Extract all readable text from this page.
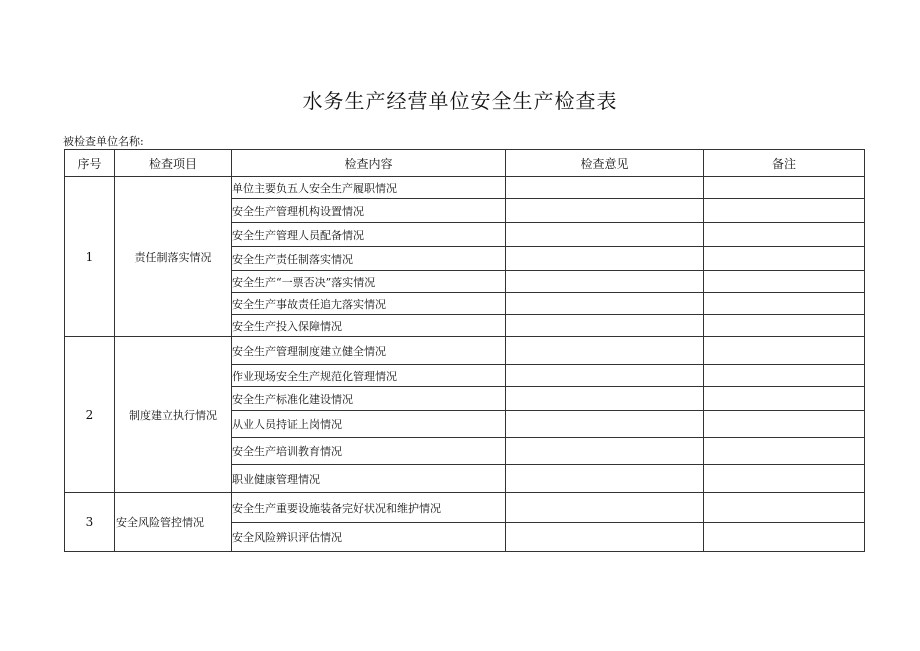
水务生产经营单位安全生产检查表
被检查单位名称:
序号	检查项目	检查内容	检查意见	备注
1	责任制落实情况	单位主要负五人安全生产履职情况		
		安全生产管理机构设置情况		
		安全生产管理人员配备情况		
		安全生产责任制落实情况		
		安全生产“一票否决”落实情况		
		安全生产事故责任追尢落实情况		
		安全生产投入保障情况		
2	制度建立执行情况	安全生产管理制度建立健全情况		
		作业现场安全生产规范化管理情况		
		安全生产标准化建设情况		
		从业人员持证上岗情况		
		安全生产培训教育情况		
		职业健康管理情况		
3	安全风险管控情况	安全生产重要设施装备完好状况和维护情况		
		安全风险辨识评估情况		
